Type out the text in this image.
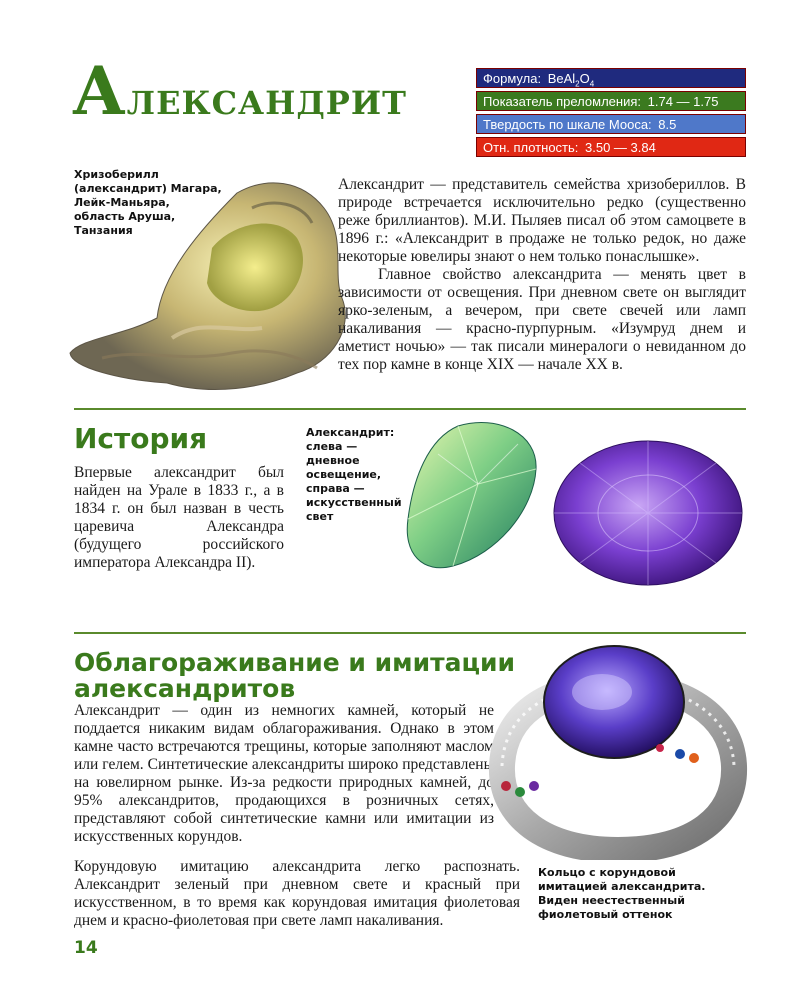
Александрит	Формула: $BeAl_2O_4$
Показатель преломления: 1.74 — 1.75
Твердость по шкале Мооса: 8.5
Отн. плотность: 3.50 — 3.84
Хризоберилл (александрит) Магара, Лейк-Маньяра, область Аруша, Танзания

Александрит — представитель семейства хризобериллов. В природе встречается исключительно редко (существенно реже бриллиантов). М.И. Пыляев писал об этом самоцвете в 1896 г.: «Александрит в продаже не только редок, но даже некоторые ювелиры знают о нем только понаслышке».

Главное свойство александрита — менять цвет в зависимости от освещения. При дневном свете он выглядит ярко-зеленым, а вечером, при свете свечей или ламп накаливания — красно-пурпурным. «Изумруд днем и аметист ночью» — так писали минералоги о невиданном до тех пор камне в конце XIX — начале XX в.

История

Впервые александрит был найден на Урале в 1833 г., а в 1834 г. он был назван в честь царевича Александра (будущего российского императора Александра II).

Александрит: слева — дневное освещение, справа — искусственный свет
Облагораживание и имитации
александритов

Александрит — один из немногих камней, который не поддается никаким видам облагораживания. Однако в этом камне часто встречаются трещины, которые заполняют маслом или гелем. Синтетические александриты широко представлены на ювелирном рынке. Из-за редкости природных камней, до 95% александритов, продающихся в розничных сетях, представляют собой синтетические камни или имитации из искусственных корундов.

Корундовую имитацию александрита легко распознать. Александрит зеленый при дневном свете и красный при искусственном, в то время как корундовая имитация фиолетовая днем и красно-фиолетовая при свете ламп накаливания.

Кольцо с корундовой имитацией александрита. Виден неестественный фиолетовый оттенок
14
